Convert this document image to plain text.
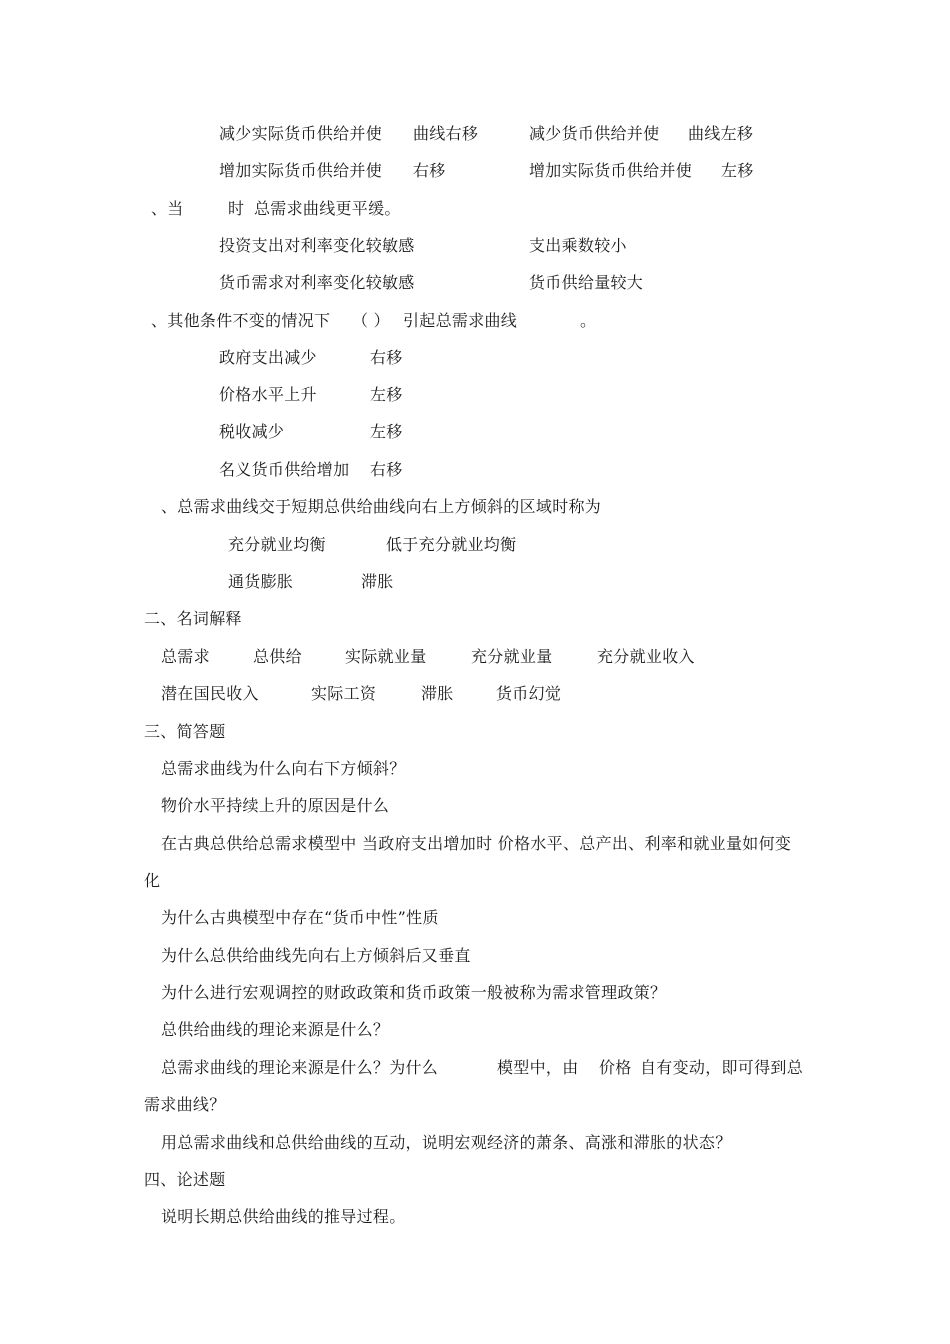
减少实际货币供给并使 曲线右移	减少货币供给并使 曲线左移
增加实际货币供给并使 右移	增加实际货币供给并使 左移
、当	时 总需求曲线更平缓。
投资支出对利率变化较敏感	支出乘数较小
货币需求对利率变化较敏感	货币供给量较大
、其他条件不变的情况下 （ ） 引起总需求曲线	。
政府支出减少	右移
价格水平上升	左移
税收减少	左移
名义货币供给增加 右移
、总需求曲线交于短期总供给曲线向右上方倾斜的区域时称为
充分就业均衡	低于充分就业均衡
通货膨胀	滞胀
二、名词解释
总需求	总供给	实际就业量	充分就业量	充分就业收入
潜在国民收入	实际工资	滞胀	货币幻觉
三、简答题
总需求曲线为什么向右下方倾斜？
物价水平持续上升的原因是什么
在古典总供给总需求模型中 当政府支出增加时 价格水平、总产出、利率和就业量如何变
化
为什么古典模型中存在“货币中性”性质
为什么总供给曲线先向右上方倾斜后又垂直
为什么进行宏观调控的财政政策和货币政策一般被称为需求管理政策？
总供给曲线的理论来源是什么？
总需求曲线的理论来源是什么？为什么	模型中，由 价格 自有变动，即可得到总
需求曲线？
用总需求曲线和总供给曲线的互动，说明宏观经济的萧条、高涨和滞胀的状态？
四、论述题
说明长期总供给曲线的推导过程。
